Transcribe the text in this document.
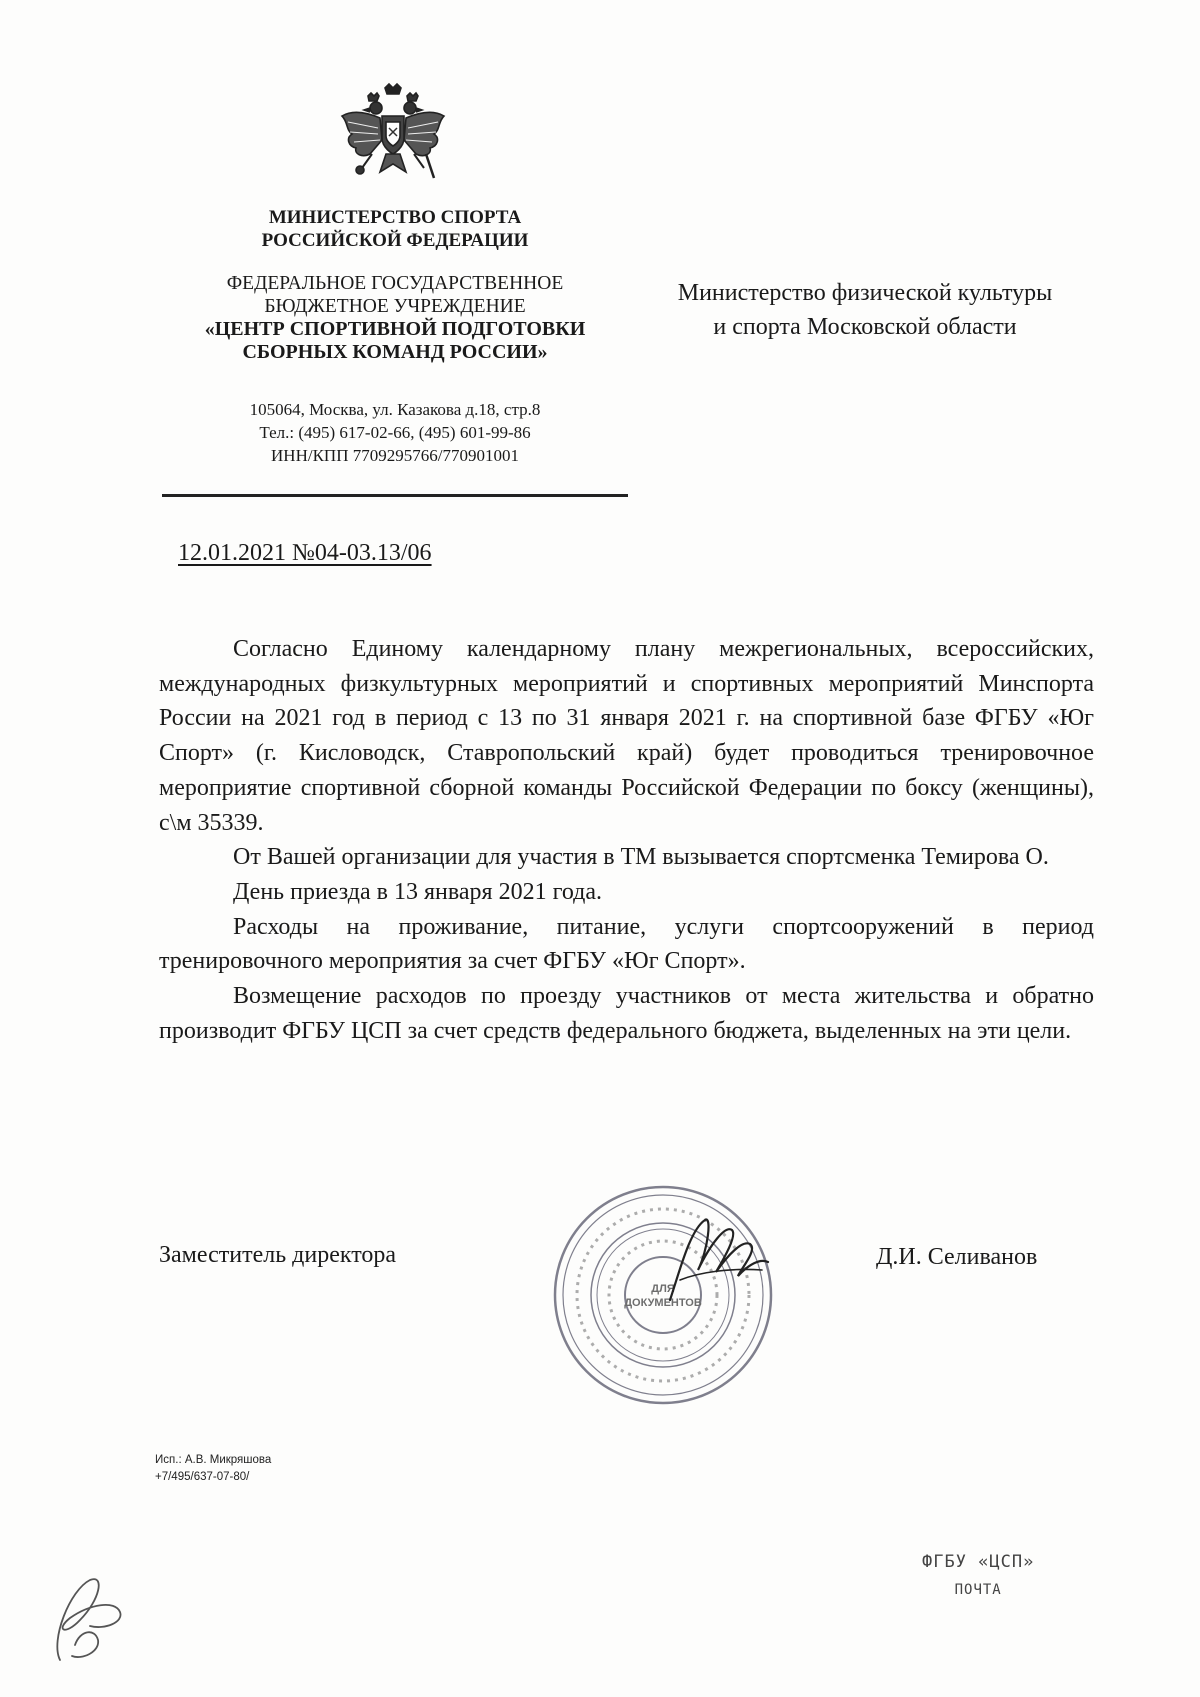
МИНИСТЕРСТВО СПОРТА
РОССИЙСКОЙ ФЕДЕРАЦИИ
ФЕДЕРАЛЬНОЕ ГОСУДАРСТВЕННОЕ
БЮДЖЕТНОЕ УЧРЕЖДЕНИЕ
«ЦЕНТР СПОРТИВНОЙ ПОДГОТОВКИ
СБОРНЫХ КОМАНД РОССИИ»
105064, Москва, ул. Казакова д.18, стр.8
Тел.: (495) 617-02-66, (495) 601-99-86
ИНН/КПП 7709295766/770901001
Министерство физической культуры
и спорта Московской области
12.01.2021 №04-03.13/06

Согласно Единому календарному плану межрегиональных, всероссийских, международных физкультурных мероприятий и спортивных мероприятий Минспорта России на 2021 год в период с 13 по 31 января 2021 г. на спортивной базе ФГБУ «Юг Спорт» (г. Кисловодск, Ставропольский край) будет проводиться тренировочное мероприятие спортивной сборной команды Российской Федерации по боксу (женщины), с\м 35339.

От Вашей организации для участия в ТМ вызывается спортсменка Темирова О.

День приезда в 13 января 2021 года.

Расходы на проживание, питание, услуги спортсооружений в период тренировочного мероприятия за счет ФГБУ «Юг Спорт».

Возмещение расходов по проезду участников от места жительства и обратно производит ФГБУ ЦСП за счет средств федерального бюджета, выделенных на эти цели.

Заместитель директора
ДЛЯ
ДОКУМЕНТОВ
Д.И. Селиванов
Исп.: А.В. Микряшова
+7/495/637-07-80/
ФГБУ «ЦСП»
ПОЧТА
